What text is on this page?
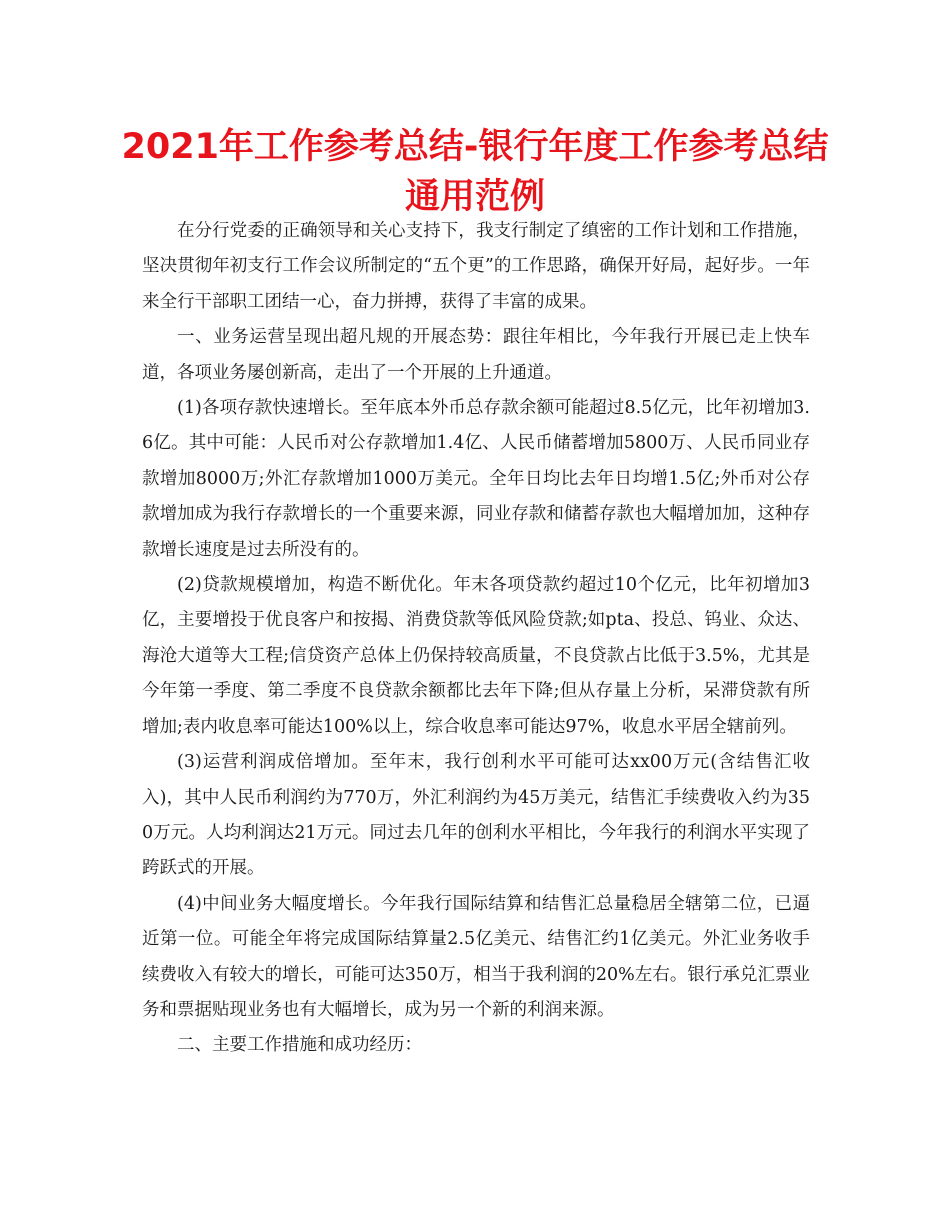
2021年工作参考总结-银行年度工作参考总结通用范例

在分行党委的正确领导和关心支持下，我支行制定了缜密的工作计划和工作措施，坚决贯彻年初支行工作会议所制定的“五个更”的工作思路，确保开好局，起好步。一年来全行干部职工团结一心，奋力拼搏，获得了丰富的成果。

一、业务运营呈现出超凡规的开展态势：跟往年相比，今年我行开展已走上快车道，各项业务屡创新高，走出了一个开展的上升通道。

(1)各项存款快速增长。至年底本外币总存款余额可能超过8.5亿元，比年初增加3.6亿。其中可能：人民币对公存款增加1.4亿、人民币储蓄增加5800万、人民币同业存款增加8000万;外汇存款增加1000万美元。全年日均比去年日均增1.5亿;外币对公存款增加成为我行存款增长的一个重要来源，同业存款和储蓄存款也大幅增加加，这种存款增长速度是过去所没有的。

(2)贷款规模增加，构造不断优化。年末各项贷款约超过10个亿元，比年初增加3亿，主要增投于优良客户和按揭、消费贷款等低风险贷款;如pta、投总、钨业、众达、海沧大道等大工程;信贷资产总体上仍保持较高质量，不良贷款占比低于3.5%，尤其是今年第一季度、第二季度不良贷款余额都比去年下降;但从存量上分析，呆滞贷款有所增加;表内收息率可能达100%以上，综合收息率可能达97%，收息水平居全辖前列。

(3)运营利润成倍增加。至年末，我行创利水平可能可达xx00万元(含结售汇收入)，其中人民币利润约为770万，外汇利润约为45万美元，结售汇手续费收入约为350万元。人均利润达21万元。同过去几年的创利水平相比，今年我行的利润水平实现了跨跃式的开展。

(4)中间业务大幅度增长。今年我行国际结算和结售汇总量稳居全辖第二位，已逼近第一位。可能全年将完成国际结算量2.5亿美元、结售汇约1亿美元。外汇业务收手续费收入有较大的增长，可能可达350万，相当于我利润的20%左右。银行承兑汇票业务和票据贴现业务也有大幅增长，成为另一个新的利润来源。

二、主要工作措施和成功经历：
